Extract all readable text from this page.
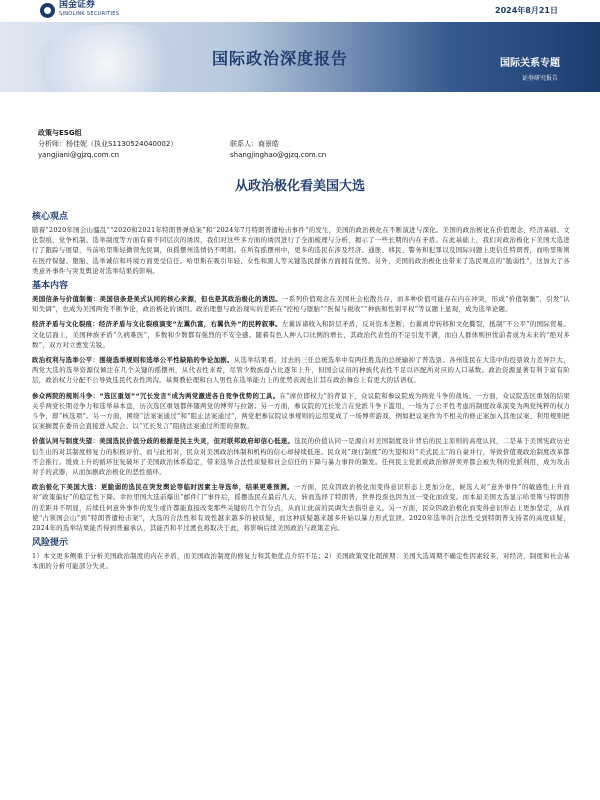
国金证券
SINOLINK SECURITIES	2024年8月21日
国际政治深度报告	国际关系专题
证券研究报告
政策与ESG组
分析师：杨佳妮（执业S1130524040002）	联系人：商景皓
yangjiani@gjzq.com.cn	shangjinghao@gjzq.com.cn
从政治极化看美国大选
核心观点

随着“2020年国会山骚乱”“2020和2021年特朗普弹劾案”和“2024年7月特朗普遭枪击事件”的发生，美国的政治极化在不断演进与深化。美国的政治极化在价值理念、经济基础、文化裂痕、党争机制、选举制度等方面有着不同层次的诱因，我们对这些多方面的诱因进行了全面梳理与分析，揭示了一些长期的内在矛盾。在此基础上，我们对政治极化下美国大选进行了跟踪与展望，当前哈里斯轻微领先民调，但摇摆州选情仍不明朗。在所有摇摆州中，更多的选民在涉及经济、通胀、移民、警务和犯罪以及国际问题上更信任特朗普，而哈里斯则在医疗保健、堕胎、选举诚信和环境方面更受信任。哈里斯在吸引年轻、女性和黑人等关键选民群体方面拥有优势。另外，美国的政治极化也带来了选民观点的“脆弱性”，这加大了各类意外事件与突发舆论对选举结果的影响。

基本内容

美国信条与价值制衡：美国信条是美式认同的核心来源，但也是其政治极化的诱因。一系列价值观念在美国社会松散共存，而多种价值可能存在内在冲突，形成“价值制衡”，引发“认知失调”，也成为美国两党不断争论，政治极化的诱因。政治理想与政治现实的差距在“控枪与堕胎”“医保与税收”“种族和性别平权”等议题上显现，成为选举论题。

经济矛盾与文化裂痕：经济矛盾与文化裂痕演变“左翼仇富，右翼仇外”的民粹叙事。左翼诉诸收入和阶层矛盾，反对资本垄断；右翼离岸转移和文化撕裂，抵制“不公平”的国际贸易。文化层面上，美国种族矛盾“久病难医”，多数和少数都有强烈的不安全感。随着有色人种人口比例的增长，其政治代表性的不足引发不满，而白人群体则担忧前者成为未来的“绝对多数”，双方对立愈发尖锐。

政治权利与选举公平：围绕选举规则和选举公平性缺陷的争论加剧。从选举结果看，过去的三任总统选举中有两任胜选的总统输掉了普选票。各州选民在大选中的投票效力差异巨大，两党大选的选举资源仅倾注在几个关键的摇摆州，从代表性来看，尽管少数族裔占比逐年上升，但国会议员的种族代表性不足以匹配所对应的人口基数。政治资源显著有利于富有阶层，政治权力分配不公导致选民代表性鸿沟。基督教伦理和白人男性在选举能力上的优势表现也让其在政治舞台上有更大的话语权。

参众两院的规则斗争：“选区重划”“冗长发言”成为两党激进各自竞争优势的工具。在“席位即权力”的背景下，众议院和参议院成为两党斗争的战场。一方面，众议院选区重划的结果关乎两党长期竞争力和选举基本盘，历次选区重划都伴随两党的博弈与拉锯；另一方面，参议院的冗长发言在党派斗争下滥用，一场为了公平性考虑的制度改革演变为两党纯粹的权力斗争，即“核选项”。另一方面，围绕“法案案通过”和“阻止法案通过”，两党把参议院议事规则的运用变成了一场博弈游戏，例如把议案作为不相关的修正案加入其他议案、利用规则把议案搁置在委员会直接进入院会、以“冗长发言”阻挠法案通过所需的票数。

价值认同与制度失望：美国选民价值分歧的根源是民主失灵，但对联邦政府却信心低迷。选民的价值认同一是源自对美国制度设计背后的民主原则的高度认同，二是基于美国宪政历史衍生出的对其制度修复力的积极评价。而与此相对，民众对美国政治体制和机构的信心却持续低迷。民众对“现行制度”的失望和对“美式民主”的自豪并行，导致价值观政治制度改革都不会推行。缓致上升的循环往复破坏了美国政治体系稳定，带来选举合法性质疑和社会信任的下降与暴力事件的频发。任何民主党派或政治修辞卖弄都会被失利的党派利用，成为攻击对手的武器，从而加剧政治极化的恶性循环。

政治极化下美国大选：更脆弱的选民在突发舆论等临时因素主导选举，结果更难预测。一方面，民众因政治极化而变得意识形态上更加分化，候选人对“意外事件”的敏感性上升而对“政策偏好”的稳定性下降。幸拉里国大选前爆出“邮件门”事件后，摇摆选民在最后几天，转而选择了特朗普，世界投票也因为这一变化而改变。而本届美国大选显示哈里斯与特朗普的差距并不明显，后续任何意外事件的发生或许都能直接改变那些关键的几个百分点，从而让此前的民调失去指引意义。另一方面，民众因政治极化而变得意识形态上更加坚定，从而使“占领国会山”到“特朗普遭枪击案”，大选的合法性和有效性越来越多的被质疑，而这种质疑越来越多开始以暴力形式宣泄。2020年选举的合法性受到特朗普支持者的高度质疑，2024年的选举结果能否得到普遍承认，其能否和平过渡也将取决于此，将影响后续美国政治与政策走向。

风险提示

1）本文更多侧重于分析美国政治制度的内在矛盾，而美国政治制度的修复力和其他优点介绍不足；2）美国政策变化超预期：美国大选周期不确定性因素较多，对经济、制度和社会基本面的分析可能部分失灵。
